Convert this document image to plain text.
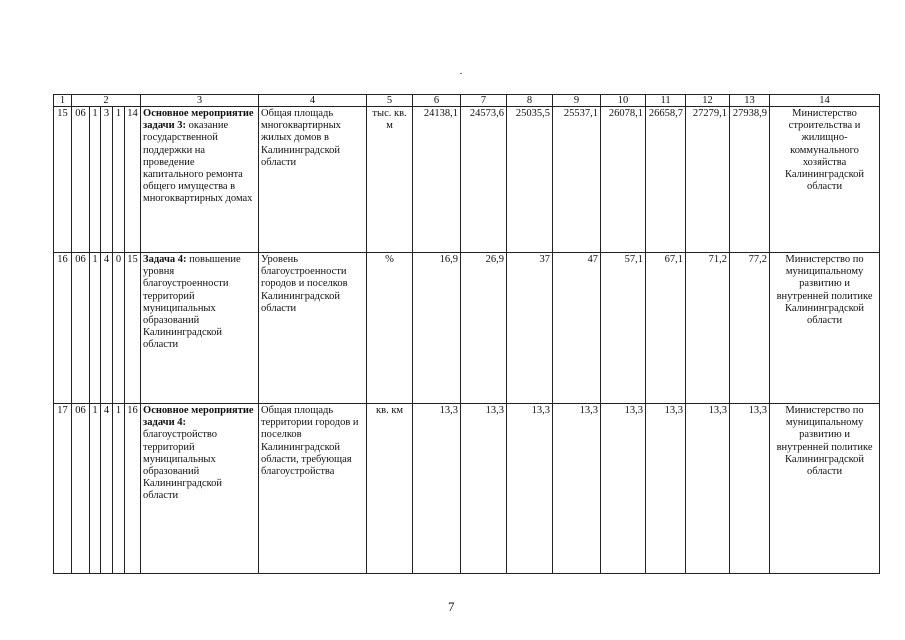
1	2					3	4	5	6	7	8	9	10	11	12	13	14
15	06	1	3	1	14	Основное мероприятие задачи 3: оказание государственной поддержки на проведение капитального ремонта общего имущества в многоквартирных домах	Общая площадь многоквартирных жилых домов в Калининградской области	тыс. кв. м	24138,1	24573,6	25035,5	25537,1	26078,1	26658,7	27279,1	27938,9	Министерство строительства и жилищно-коммунального хозяйства Калининградской области
16	06	1	4	0	15	Задача 4: повышение уровня благоустроенности территорий муниципальных образований Калининградской области	Уровень благоустроенности городов и поселков Калининградской области	%	16,9	26,9	37	47	57,1	67,1	71,2	77,2	Министерство по муниципальному развитию и внутренней политике Калининградской области
17	06	1	4	1	16	Основное мероприятие задачи 4: благоустройство территорий муниципальных образований Калининградской области	Общая площадь территории городов и поселков Калининградской области, требующая благоустройства	кв. км	13,3	13,3	13,3	13,3	13,3	13,3	13,3	13,3	Министерство по муниципальному развитию и внутренней политике Калининградской области
7
